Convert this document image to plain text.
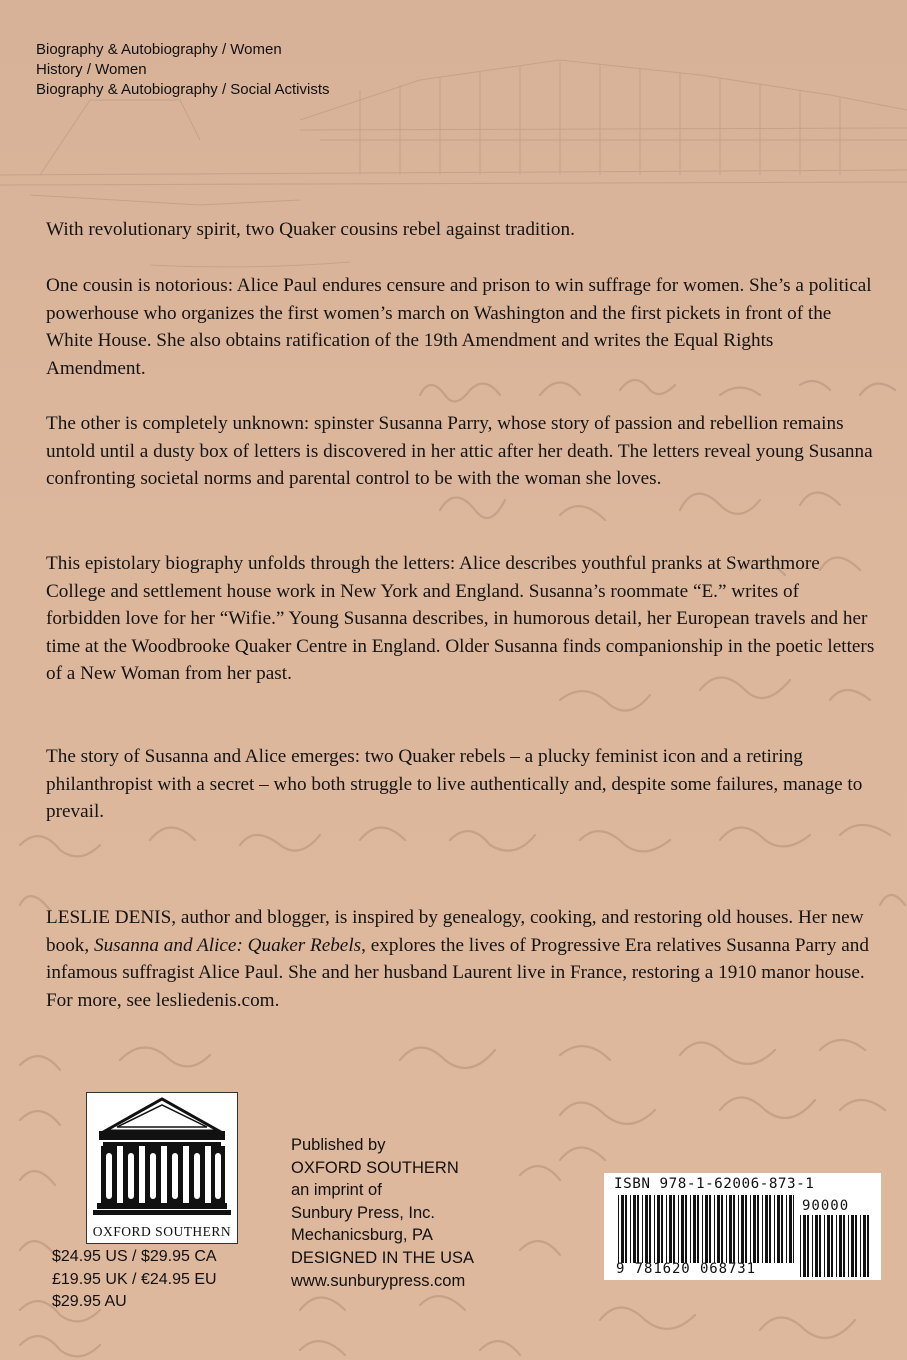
Biography & Autobiography / Women
History / Women
Biography & Autobiography / Social Activists

With revolutionary spirit, two Quaker cousins rebel against tradition.

One cousin is notorious: Alice Paul endures censure and prison to win suffrage for women. She’s a political powerhouse who organizes the first women’s march on Washington and the first pickets in front of the White House. She also obtains ratification of the 19th Amendment and writes the Equal Rights Amendment.

The other is completely unknown: spinster Susanna Parry, whose story of passion and rebellion remains untold until a dusty box of letters is discovered in her attic after her death. The letters reveal young Susanna confronting societal norms and parental control to be with the woman she loves.

This epistolary biography unfolds through the letters: Alice describes youthful pranks at Swarthmore College and settlement house work in New York and England. Susanna’s roommate “E.” writes of forbidden love for her “Wifie.” Young Susanna describes, in humorous detail, her European travels and her time at the Woodbrooke Quaker Centre in England. Older Susanna finds companionship in the poetic letters of a New Woman from her past.

The story of Susanna and Alice emerges: two Quaker rebels – a plucky feminist icon and a retiring philanthropist with a secret – who both struggle to live authentically and, despite some failures, manage to prevail.

LESLIE DENIS, author and blogger, is inspired by genealogy, cooking, and restoring old houses. Her new book, Susanna and Alice: Quaker Rebels, explores the lives of Progressive Era relatives Susanna Parry and infamous suffragist Alice Paul. She and her husband Laurent live in France, restoring a 1910 manor house. For more, see lesliedenis.com.

OXFORD SOUTHERN
$24.95 US / $29.95 CA
£19.95 UK / €24.95 EU
$29.95 AU
Published by
OXFORD SOUTHERN
an imprint of
Sunbury Press, Inc.
Mechanicsburg, PA
DESIGNED IN THE USA
www.sunburypress.com
ISBN 978-1-62006-873-1
90000
9 781620 068731
